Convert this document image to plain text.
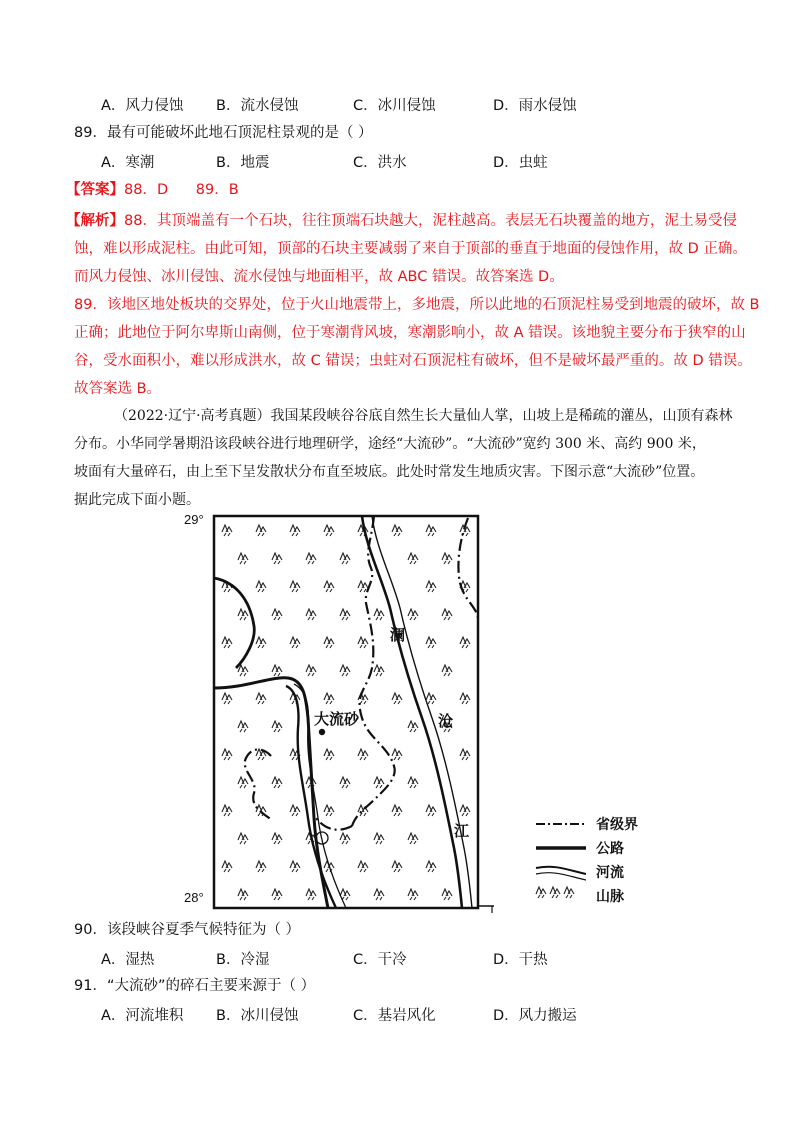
A．风力侵蚀 B．流水侵蚀	C．冰川侵蚀	D．雨水侵蚀
89．最有可能破坏此地石顶泥柱景观的是（ ）
A．寒潮	B．地震	C．洪水	D．虫蛀
【答案】88．D      89．B
【解析】88．其顶端盖有一个石块，往往顶端石块越大，泥柱越高。表层无石块覆盖的地方，泥土易受侵
蚀，难以形成泥柱。由此可知，顶部的石块主要减弱了来自于顶部的垂直于地面的侵蚀作用，故 D 正确。
而风力侵蚀、冰川侵蚀、流水侵蚀与地面相平，故 ABC 错误。故答案选 D。
89．该地区地处板块的交界处，位于火山地震带上，多地震，所以此地的石顶泥柱易受到地震的破坏，故 B
正确；此地位于阿尔卑斯山南侧，位于寒潮背风坡，寒潮影响小，故 A 错误。该地貌主要分布于狭窄的山
谷，受水面积小，难以形成洪水，故 C 错误；虫蛀对石顶泥柱有破坏，但不是破坏最严重的。故 D 错误。
故答案选 B。
（2022·辽宁·高考真题）我国某段峡谷谷底自然生长大量仙人掌，山坡上是稀疏的灌丛，山顶有森林
分布。小华同学暑期沿该段峡谷进行地理研学，途经“大流砂”。“大流砂”宽约 300 米、高约 900 米，
坡面有大量碎石，由上至下呈发散状分布直至坡底。此处时常发生地质灾害。下图示意“大流砂”位置。
据此完成下面小题。
29°
28°
大流砂
澜
沧
江	省级界
公路
河流
山脉
90．该段峡谷夏季气候特征为（ ）
A．湿热	B．冷湿	C．干冷	D．干热
91．“大流砂”的碎石主要来源于（ ）
A．河流堆积 B．冰川侵蚀	C．基岩风化	D．风力搬运
